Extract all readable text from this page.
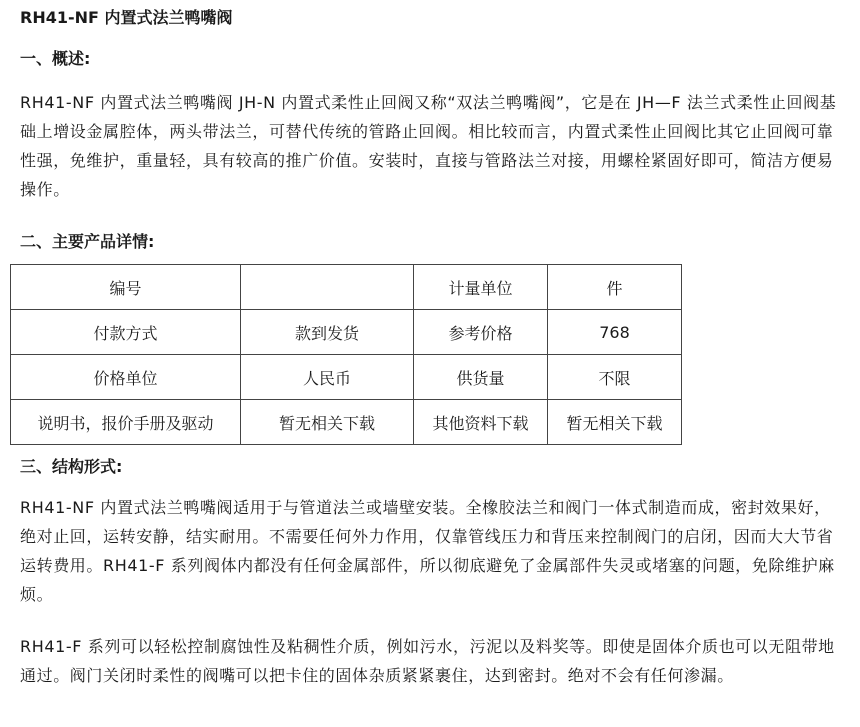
RH41-NF 内置式法兰鸭嘴阀
一、概述:
RH41-NF 内置式法兰鸭嘴阀 JH-N 内置式柔性止回阀又称“双法兰鸭嘴阀”，它是在 JH—F 法兰式柔性止回阀基础上增设金属腔体，两头带法兰，可替代传统的管路止回阀。相比较而言，内置式柔性止回阀比其它止回阀可靠性强，免维护，重量轻，具有较高的推广价值。安装时，直接与管路法兰对接，用螺栓紧固好即可，简洁方便易操作。
二、主要产品详情:
编号		计量单位	件
付款方式	款到发货	参考价格	768
价格单位	人民币	供货量	不限
说明书，报价手册及驱动	暂无相关下载	其他资料下载	暂无相关下载
三、结构形式:
RH41-NF 内置式法兰鸭嘴阀适用于与管道法兰或墙壁安装。全橡胶法兰和阀门一体式制造而成，密封效果好，绝对止回，运转安静，结实耐用。不需要任何外力作用，仅靠管线压力和背压来控制阀门的启闭，因而大大节省运转费用。RH41-F 系列阀体内都没有任何金属部件，所以彻底避免了金属部件失灵或堵塞的问题，免除维护麻烦。
RH41-F 系列可以轻松控制腐蚀性及粘稠性介质，例如污水，污泥以及料奖等。即使是固体介质也可以无阻带地通过。阀门关闭时柔性的阀嘴可以把卡住的固体杂质紧紧裹住，达到密封。绝对不会有任何渗漏。
